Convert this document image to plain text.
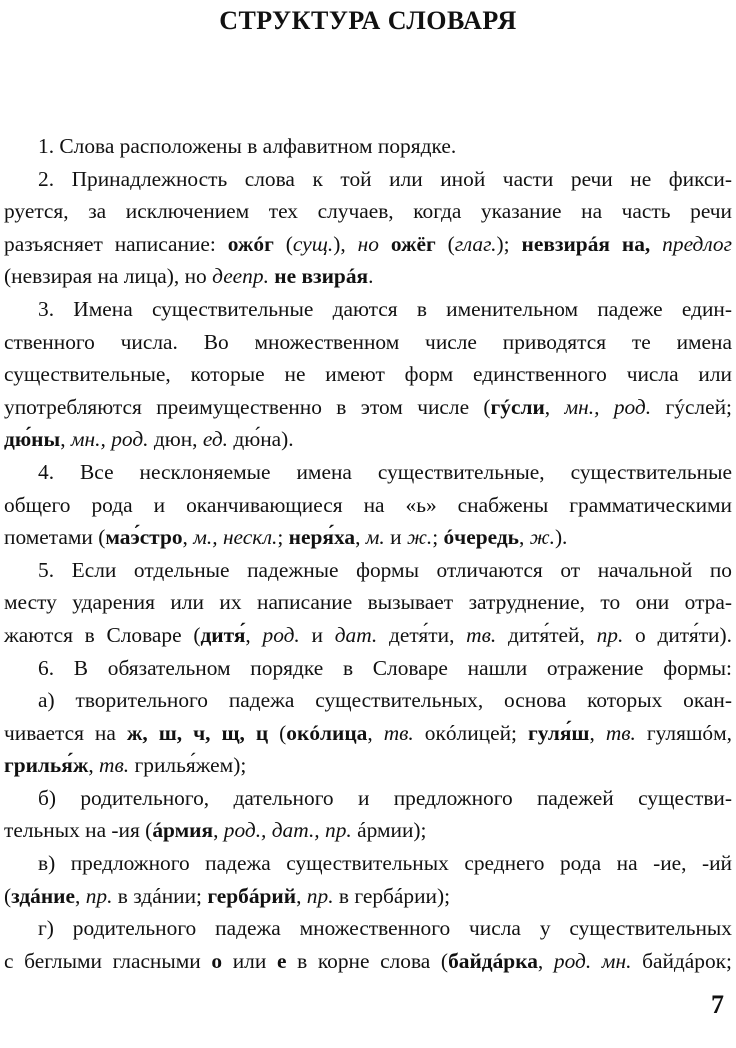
СТРУКТУРА СЛОВАРЯ
1. Слова расположены в алфавитном порядке.
2. Принадлежность слова к той или иной части речи не фикси-
руется, за исключением тех случаев, когда указание на часть речи
разъясняет написание: ожóг (сущ.), но ожёг (глаг.); невзирáя на, предлог
(невзирая на лица), но деепр. не взирáя.
3. Имена существительные даются в именительном падеже един-
ственного числа. Во множественном числе приводятся те имена
существительные, которые не имеют форм единственного числа или
употребляются преимущественно в этом числе (гýсли, мн., род. гýслей;
дю́ны, мн., род. дюн, ед. дю́на).
4. Все несклоняемые имена существительные, существительные
общего рода и оканчивающиеся на «ь» снабжены грамматическими
пометами (маэ́стро, м., нескл.; неря́ха, м. и ж.; óчередь, ж.).
5. Если отдельные падежные формы отличаются от начальной по
месту ударения или их написание вызывает затруднение, то они отра-
жаются в Словаре (дитя́, род. и дат. детя́ти, тв. дитя́тей, пр. о дитя́ти).
6. В обязательном порядке в Словаре нашли отражение формы:
а) творительного падежа существительных, основа которых окан-
чивается на ж, ш, ч, щ, ц (окóлица, тв. окóлицей; гуля́ш, тв. гуляшóм,
грилья́ж, тв. грилья́жем);
б) родительного, дательного и предложного падежей существи-
тельных на -ия (áрмия, род., дат., пр. áрмии);
в) предложного падежа существительных среднего рода на -ие, -ий
(здáние, пр. в здáнии; гербáрий, пр. в гербáрии);
г) родительного падежа множественного числа у существительных
с беглыми гласными о или е в корне слова (байдáрка, род. мн. байдáрок;
7
